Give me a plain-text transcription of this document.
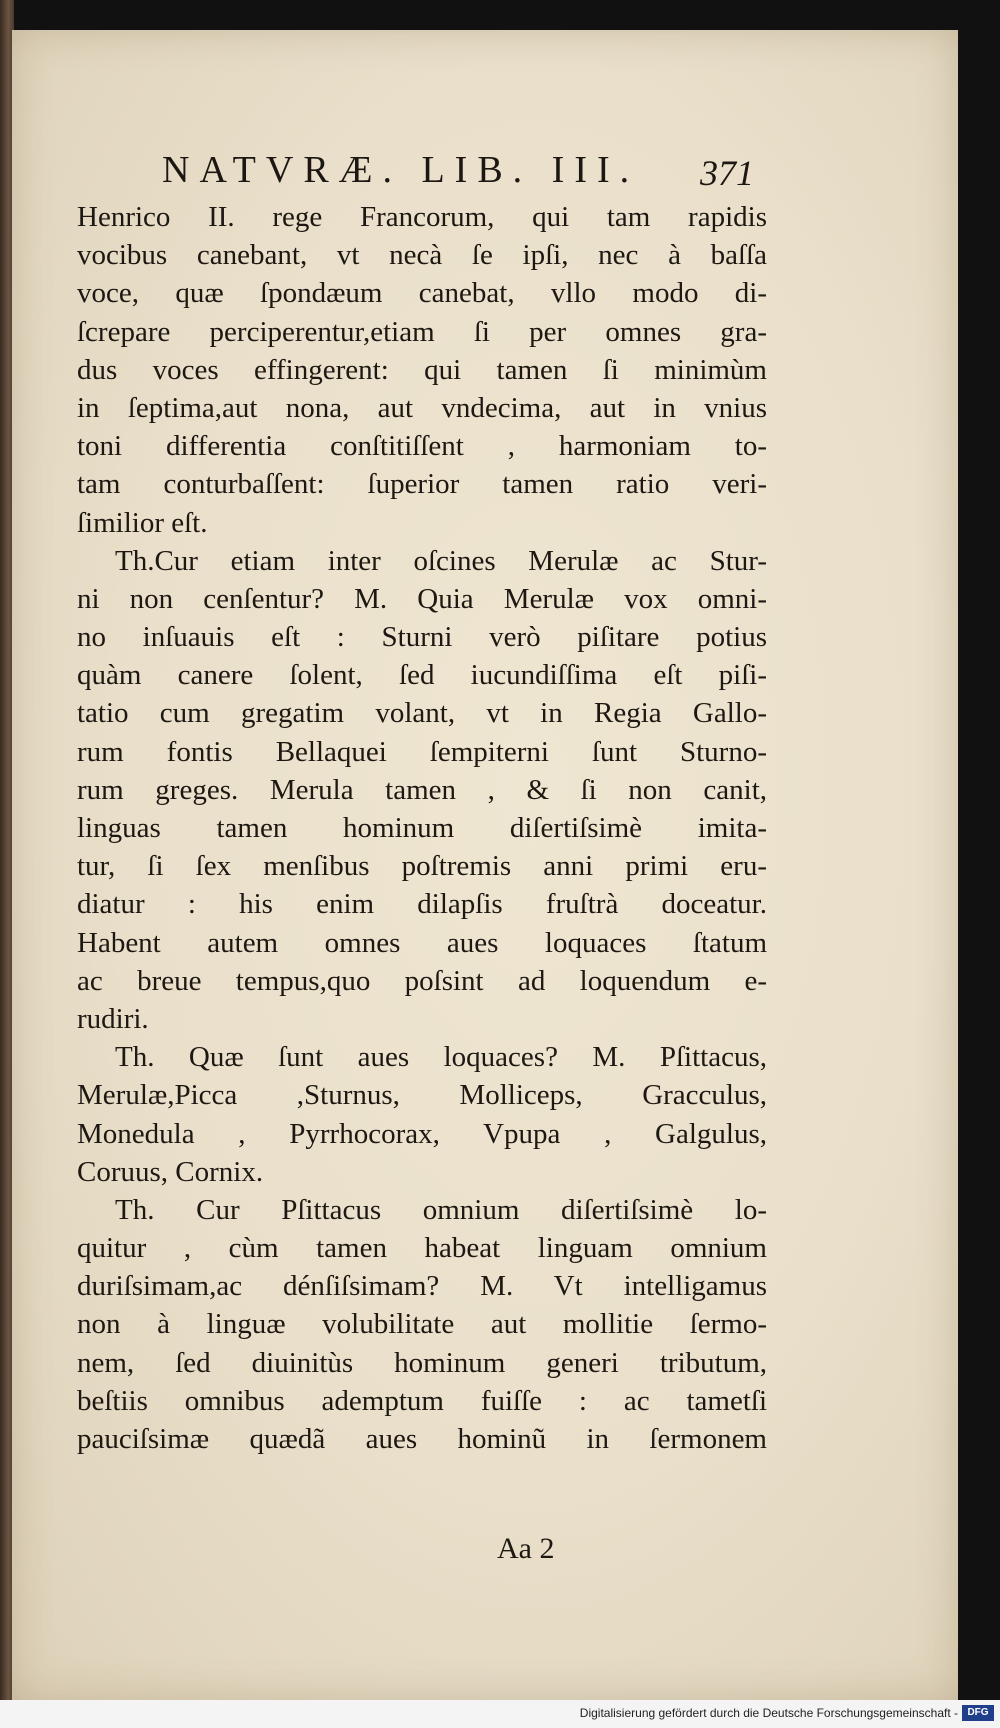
NATVRÆ. LIB. III. 371
Henrico II. rege Francorum, qui tam rapidis
vocibus canebant, vt necà ſe ipſi, nec à baſſa
voce, quæ ſpondæum canebat, vllo modo di-
ſcrepare perciperentur,etiam ſi per omnes gra-
dus voces effingerent: qui tamen ſi minimùm
in ſeptima,aut nona, aut vndecima, aut in vnius
toni differentia conſtitiſſent , harmoniam to-
tam conturbaſſent: ſuperior tamen ratio veri-
ſimilior eſt.
Th.Cur etiam inter oſcines Merulæ ac Stur-
ni non cenſentur? M. Quia Merulæ vox omni-
no inſuauis eſt : Sturni verò piſitare potius
quàm canere ſolent, ſed iucundiſſima eſt piſi-
tatio cum gregatim volant, vt in Regia Gallo-
rum fontis Bellaquei ſempiterni ſunt Sturno-
rum greges. Merula tamen , & ſi non canit,
linguas tamen hominum diſertiſsimè imita-
tur, ſi ſex menſibus poſtremis anni primi eru-
diatur : his enim dilapſis fruſtrà doceatur.
Habent autem omnes aues loquaces ſtatum
ac breue tempus,quo poſsint ad loquendum e-
rudiri.
Th. Quæ ſunt aues loquaces? M. Pſittacus,
Merulæ,Picca ,Sturnus, Molliceps, Gracculus,
Monedula , Pyrrhocorax, Vpupa , Galgulus,
Coruus, Cornix.
Th. Cur Pſittacus omnium diſertiſsimè lo-
quitur , cùm tamen habeat linguam omnium
duriſsimam,ac dénſiſsimam? M. Vt intelligamus
non à linguæ volubilitate aut mollitie ſermo-
nem, ſed diuinitùs hominum generi tributum,
beſtiis omnibus ademptum fuiſſe : ac tametſi
pauciſsimæ quædã aues hominũ in ſermonem
Aa 2
Digitalisierung gefördert durch die Deutsche Forschungsgemeinschaft - DFG
